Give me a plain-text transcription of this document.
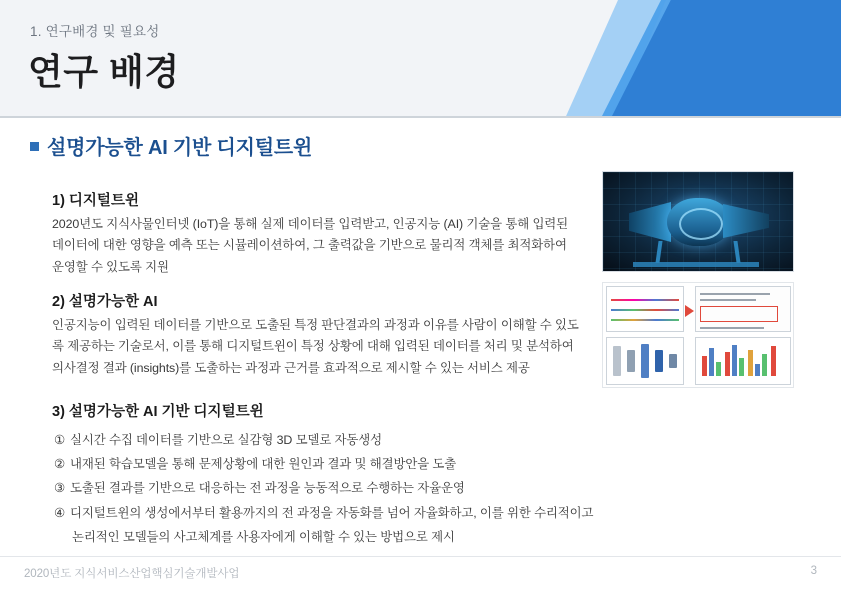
1. 연구배경 및 필요성
연구 배경
설명가능한 AI 기반 디지털트윈
1) 디지털트윈
2020년도 지식사물인터넷 (IoT)을 통해 실제 데이터를 입력받고, 인공지능 (AI) 기술을 통해 입력된 데이터에 대한 영향을 예측 또는 시뮬레이션하여, 그 출력값을 기반으로 물리적 객체를 최적화하여 운영할 수 있도록 지원
2) 설명가능한 AI
인공지능이 입력된 데이터를 기반으로 도출된 특정 판단결과의 과정과 이유를 사람이 이해할 수 있도록 제공하는 기술로서, 이를 통해 디지털트윈이 특정 상황에 대해 입력된 데이터를 처리 및 분석하여 의사결정 결과 (insights)를 도출하는 과정과 근거를 효과적으로 제시할 수 있는 서비스 제공
3) 설명가능한 AI 기반 디지털트윈
① 실시간 수집 데이터를 기반으로 실감형 3D 모델로 자동생성
② 내재된 학습모델을 통해 문제상황에 대한 원인과 결과 및 해결방안을 도출
③ 도출된 결과를 기반으로 대응하는 전 과정을 능동적으로 수행하는 자율운영
④ 디지털트윈의 생성에서부터 활용까지의 전 과정을 자동화를 넘어 자율화하고, 이를 위한 수리적이고
논리적인 모델들의 사고체계를 사용자에게 이해할 수 있는 방법으로 제시
2020년도 지식서비스산업핵심기술개발사업	3
